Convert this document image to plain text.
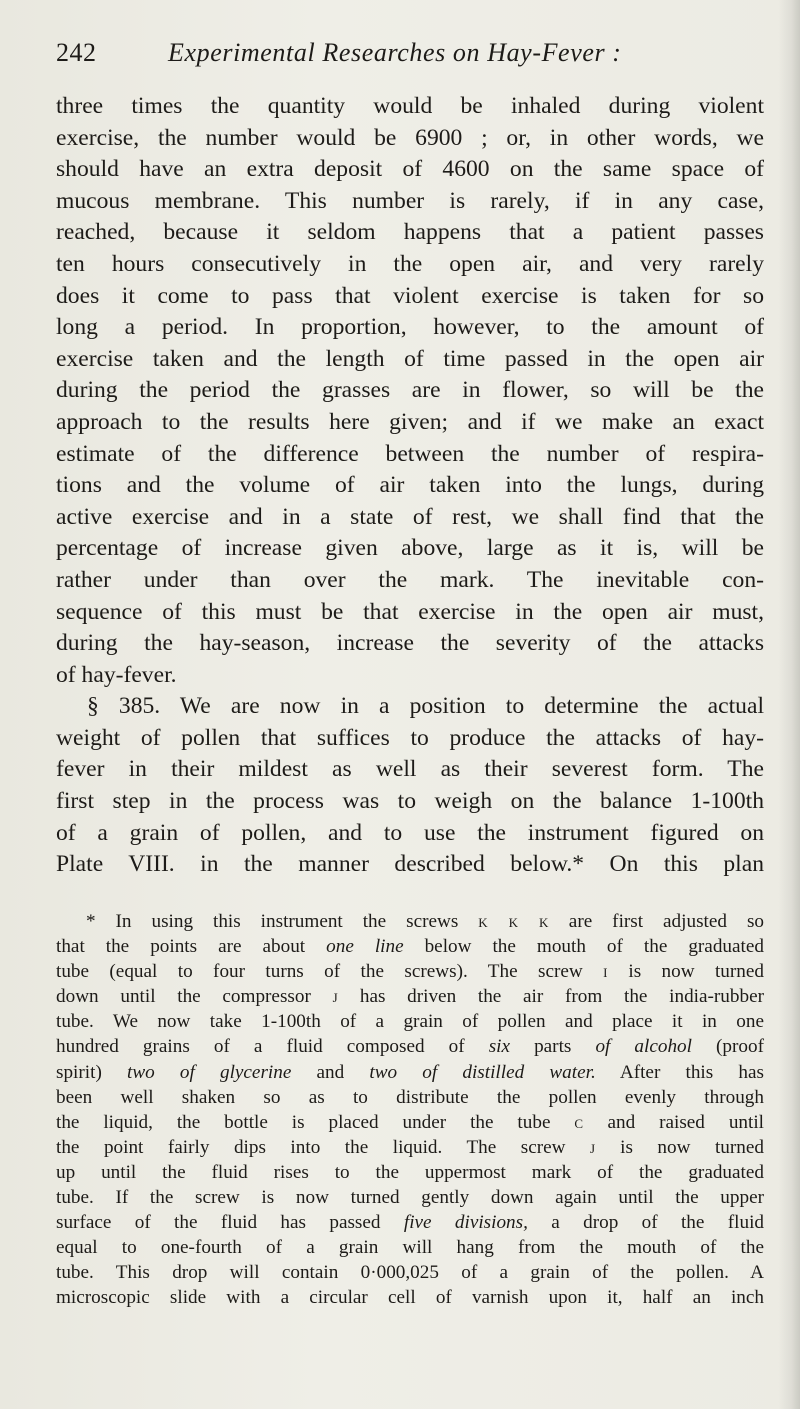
242	Experimental Researches on Hay-Fever :
three times the quantity would be inhaled during violent
exercise, the number would be 6900 ; or, in other words, we
should have an extra deposit of 4600 on the same space of
mucous membrane. This number is rarely, if in any case,
reached, because it seldom happens that a patient passes
ten hours consecutively in the open air, and very rarely
does it come to pass that violent exercise is taken for so
long a period. In proportion, however, to the amount of
exercise taken and the length of time passed in the open air
during the period the grasses are in flower, so will be the
approach to the results here given; and if we make an exact
estimate of the difference between the number of respira-
tions and the volume of air taken into the lungs, during
active exercise and in a state of rest, we shall find that the
percentage of increase given above, large as it is, will be
rather under than over the mark. The inevitable con-
sequence of this must be that exercise in the open air must,
during the hay-season, increase the severity of the attacks
of hay-fever.
§ 385. We are now in a position to determine the actual
weight of pollen that suffices to produce the attacks of hay-
fever in their mildest as well as their severest form. The
first step in the process was to weigh on the balance 1-100th
of a grain of pollen, and to use the instrument figured on
Plate VIII. in the manner described below.* On this plan
* In using this instrument the screws k k k are first adjusted so
that the points are about one line below the mouth of the graduated
tube (equal to four turns of the screws). The screw i is now turned
down until the compressor j has driven the air from the india-rubber
tube. We now take 1-100th of a grain of pollen and place it in one
hundred grains of a fluid composed of six parts of alcohol (proof
spirit) two of glycerine and two of distilled water. After this has
been well shaken so as to distribute the pollen evenly through
the liquid, the bottle is placed under the tube c and raised until
the point fairly dips into the liquid. The screw j is now turned
up until the fluid rises to the uppermost mark of the graduated
tube. If the screw is now turned gently down again until the upper
surface of the fluid has passed five divisions, a drop of the fluid
equal to one-fourth of a grain will hang from the mouth of the
tube. This drop will contain 0·000,025 of a grain of the pollen. A
microscopic slide with a circular cell of varnish upon it, half an inch
